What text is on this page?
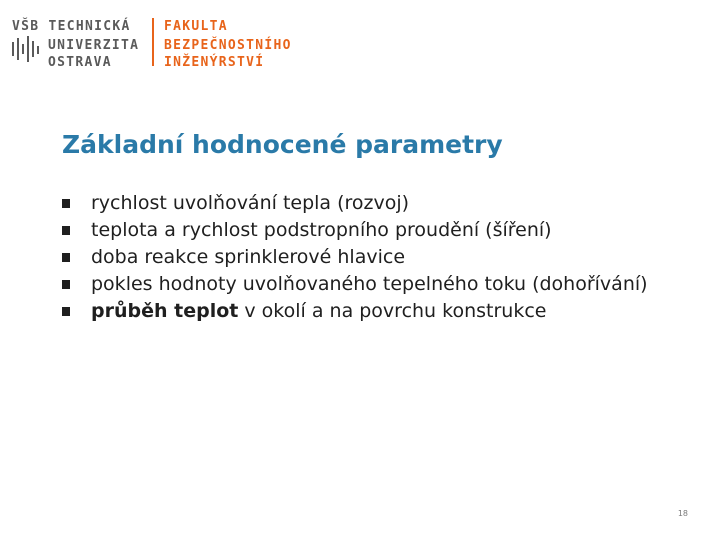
VŠB TECHNICKÁ
UNIVERZITA
OSTRAVA
FAKULTA
BEZPEČNOSTNÍHO
INŽENÝRSTVÍ
Základní hodnocené parametry
rychlost uvolňování tepla (rozvoj)
teplota a rychlost podstropního proudění (šíření)
doba reakce sprinklerové hlavice
pokles hodnoty uvolňovaného tepelného toku (dohořívání)
průběh teplot v okolí a na povrchu konstrukce
18
